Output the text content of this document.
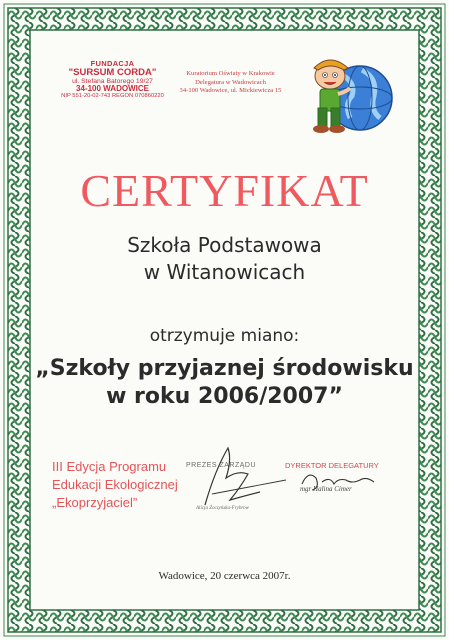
FUNDACJA
"SURSUM CORDA"
ul. Stefana Batorego 19/27
34-100 WADOWICE
NIP 551-20-02-743 REGON 070860220
Kuratorium Oświaty w Krakowie
Delegatura w Wadowicach
34-100 Wadowice, ul. Mickiewicza 15
CERTYFIKAT
Szkoła Podstawowa
w Witanowicach
otrzymuje miano:
„Szkoły przyjaznej środowisku
w roku 2006/2007”
III Edycja Programu
Edukacji Ekologicznej
„Ekoprzyjaciel”
PREZES ZARZĄDU
Alicja Żoczyńska-Frybrow
DYREKTOR DELEGATURY
mgr Halina Cimer
Wadowice, 20 czerwca 2007r.
